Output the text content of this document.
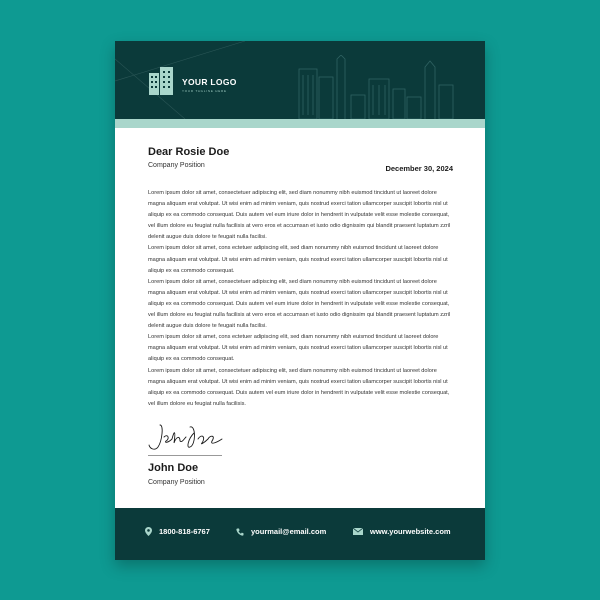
YOUR LOGO
YOUR TAGLINE HERE
Dear Rosie Doe
Company Position	December 30, 2024

Lorem ipsum dolor sit amet, consectetuer adipiscing elit, sed diam nonummy nibh euismod tincidunt ut laoreet dolore magna aliquam erat volutpat. Ut wisi enim ad minim veniam, quis nostrud exerci tation ullamcorper suscipit lobortis nisl ut aliquip ex ea commodo consequat. Duis autem vel eum iriure dolor in hendrerit in vulputate velit esse molestie consequat, vel illum dolore eu feugiat nulla facilisis at vero eros et accumsan et iusto odio dignissim qui blandit praesent luptatum zzril delenit augue duis dolore te feugait nulla facilisi.

Lorem ipsum dolor sit amet, cons ectetuer adipiscing elit, sed diam nonummy nibh euismod tincidunt ut laoreet dolore magna aliquam erat volutpat. Ut wisi enim ad minim veniam, quis nostrud exerci tation ullamcorper suscipit lobortis nisl ut aliquip ex ea commodo consequat.

Lorem ipsum dolor sit amet, consectetuer adipiscing elit, sed diam nonummy nibh euismod tincidunt ut laoreet dolore magna aliquam erat volutpat. Ut wisi enim ad minim veniam, quis nostrud exerci tation ullamcorper suscipit lobortis nisl ut aliquip ex ea commodo consequat. Duis autem vel eum iriure dolor in hendrerit in vulputate velit esse molestie consequat, vel illum dolore eu feugiat nulla facilisis at vero eros et accumsan et iusto odio dignissim qui blandit praesent luptatum zzril delenit augue duis dolore te feugait nulla facilisi.

Lorem ipsum dolor sit amet, cons ectetuer adipiscing elit, sed diam nonummy nibh euismod tincidunt ut laoreet dolore magna aliquam erat volutpat. Ut wisi enim ad minim veniam, quis nostrud exerci tation ullamcorper suscipit lobortis nisl ut aliquip ex ea commodo consequat.

Lorem ipsum dolor sit amet, consectetuer adipiscing elit, sed diam nonummy nibh euismod tincidunt ut laoreet dolore magna aliquam erat volutpat. Ut wisi enim ad minim veniam, quis nostrud exerci tation ullamcorper suscipit lobortis nisl ut aliquip ex ea commodo consequat. Duis autem vel eum iriure dolor in hendrerit in vulputate velit esse molestie consequat, vel illum dolore eu feugiat nulla facilisis.

John Doe
Company Position
1800-818-6767	yourmail@email.com	www.yourwebsite.com
